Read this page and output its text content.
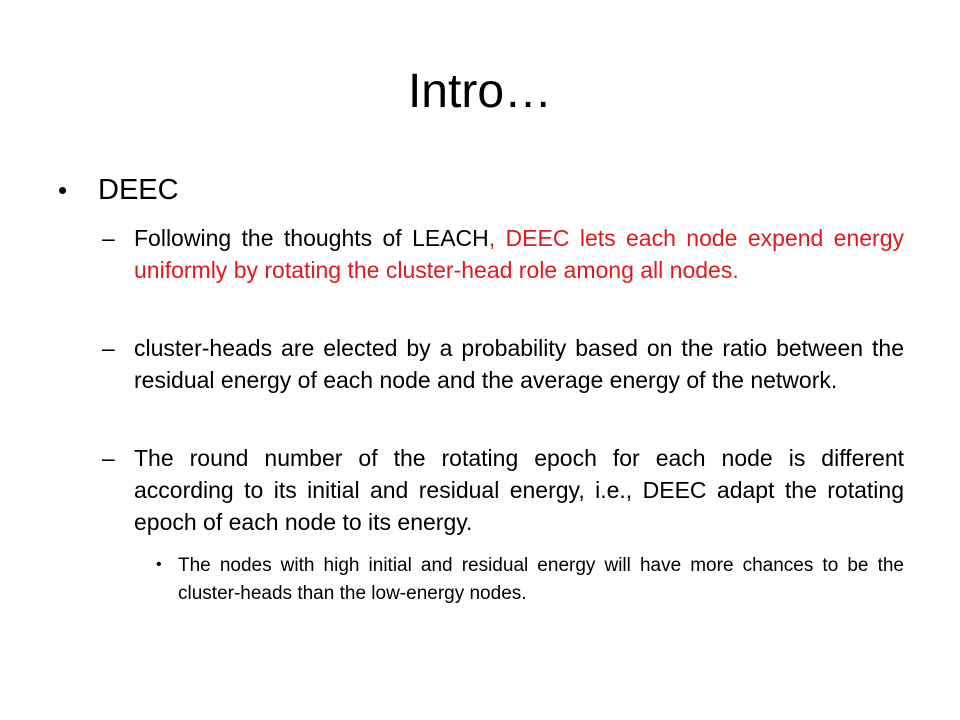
Intro…
• DEEC
– Following the thoughts of LEACH, DEEC lets each node expend energy uniformly by rotating the cluster-head role among all nodes.
– cluster-heads are elected by a probability based on the ratio between the residual energy of each node and the average energy of the network.
– The round number of the rotating epoch for each node is different according to its initial and residual energy, i.e., DEEC adapt the rotating epoch of each node to its energy.
• The nodes with high initial and residual energy will have more chances to be the cluster-heads than the low-energy nodes.
